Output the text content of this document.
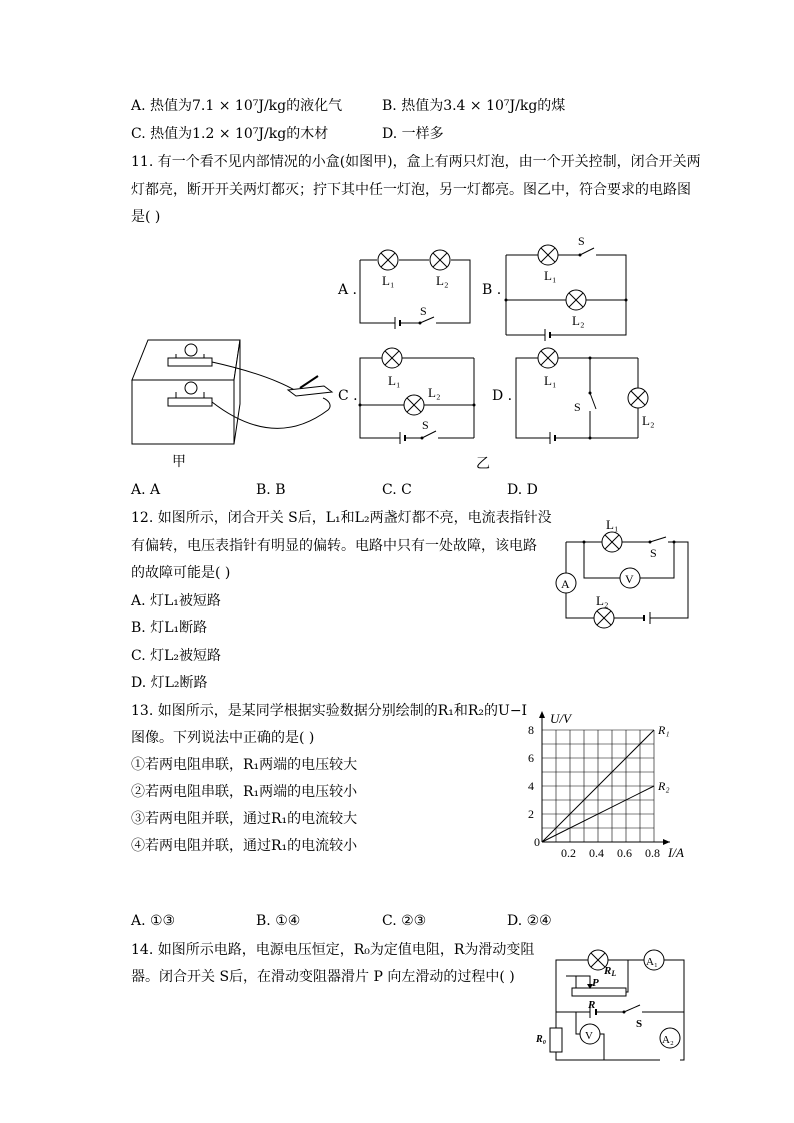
A. 热值为7.1 × 10⁷J/kg的液化气	B. 热值为3.4 × 10⁷J/kg的煤
C. 热值为1.2 × 10⁷J/kg的木材	D. 一样多
11. 有一个看不见内部情况的小盒(如图甲)，盒上有两只灯泡，由一个开关控制，闭合开关两
灯都亮，断开开关两灯都灭；拧下其中任一灯泡，另一灯都亮。图乙中，符合要求的电路图
是( )
甲
A .
L₁	L₂
S
B .
L₁
L₂
S
C .
L₁
L₂
S
D .
L₁
L₂
S
乙
A. A	B. B	C. C	D. D
12. 如图所示，闭合开关 S后，L₁和L₂两盏灯都不亮，电流表指针没
有偏转，电压表指针有明显的偏转。电路中只有一处故障，该电路
的故障可能是( )
A. 灯L₁被短路
B. 灯L₁断路
C. 灯L₂被短路
D. 灯L₂断路
A	V
L₁
L₂
S
13. 如图所示，是某同学根据实验数据分别绘制的R₁和R₂的U−I
图像。下列说法中正确的是( )
①若两电阻串联，R₁两端的电压较大
②若两电阻串联，R₁两端的电压较小
③若两电阻并联，通过R₁的电流较大
④若两电阻并联，通过R₁的电流较小	0.2 0.4 0.6 0.8
2
4
6
8	R₁
R₂
0
U/V
I/A
A. ①③	B. ①④	C. ②③	D. ②④
14. 如图所示电路，电源电压恒定，R₀为定值电阻，R为滑动变阻
器。闭合开关 S后，在滑动变阻器滑片 P 向左滑动的过程中( )
A₁
V	A₂
RL
P
R
S
R₀
